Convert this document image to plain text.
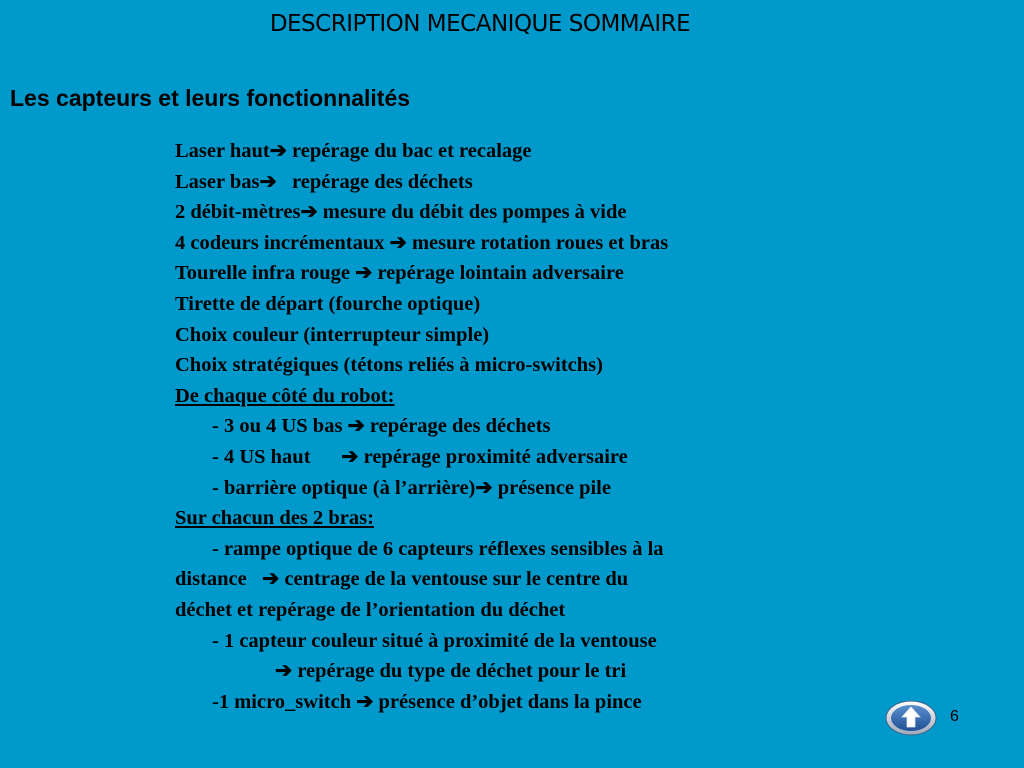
DESCRIPTION MECANIQUE SOMMAIRE
Les capteurs et leurs fonctionnalités
Laser haut➔ repérage du bac et recalage
Laser bas➔   repérage des déchets
2 débit-mètres➔ mesure du débit des pompes à vide
4 codeurs incrémentaux ➔ mesure rotation roues et bras
Tourelle infra rouge ➔ repérage lointain adversaire
Tirette de départ (fourche optique)
Choix couleur (interrupteur simple)
Choix stratégiques (tétons reliés à micro-switchs)
De chaque côté du robot:
- 3 ou 4 US bas ➔ repérage des déchets
- 4 US haut      ➔ repérage proximité adversaire
- barrière optique (à l’arrière)➔ présence pile
Sur chacun des 2 bras:
- rampe optique de 6 capteurs réflexes sensibles à la
distance   ➔ centrage de la ventouse sur le centre du
déchet et repérage de l’orientation du déchet
- 1 capteur couleur situé à proximité de la ventouse
➔ repérage du type de déchet pour le tri
-1 micro_switch ➔ présence d’objet dans la pince
6
